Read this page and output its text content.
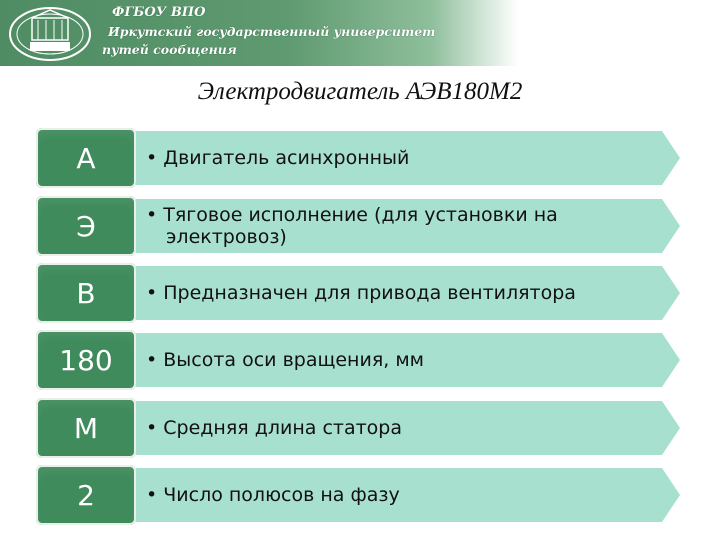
ФГБОУ ВПО
Иркутский государственный университет
путей сообщения
Электродвигатель АЭВ180М2
• Двигатель асинхронный
А
• Тяговое исполнение (для установки на электровоз)
Э
• Предназначен для привода вентилятора
В
• Высота оси вращения, мм
180
• Средняя длина статора
М
• Число полюсов на фазу
2
